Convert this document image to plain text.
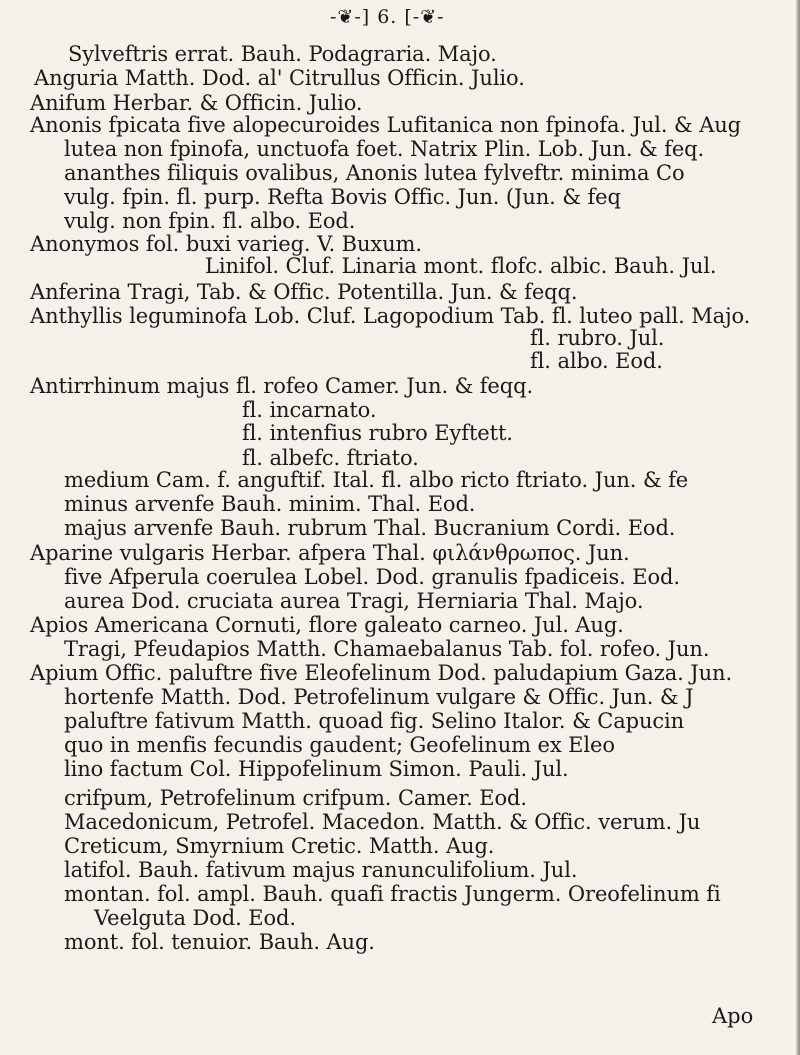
-❦-] 6. [-❦-
Sylveftris errat. Bauh. Podagraria. Majo.
Anguria Matth. Dod. al' Citrullus Officin. Julio.
Anifum Herbar. & Officin. Julio.
Anonis fpicata five alopecuroides Lufitanica non fpinofa. Jul. & Aug
lutea non fpinofa, unctuofa foet. Natrix Plin. Lob. Jun. & feq.
ananthes filiquis ovalibus, Anonis lutea fylveftr. minima Co
vulg. fpin. fl. purp. Refta Bovis Offic. Jun. (Jun. & feq
vulg. non fpin. fl. albo. Eod.
Anonymos fol. buxi varieg. V. Buxum.
Linifol. Cluf. Linaria mont. flofc. albic. Bauh. Jul.
Anferina Tragi, Tab. & Offic. Potentilla. Jun. & feqq.
Anthyllis leguminofa Lob. Cluf. Lagopodium Tab. fl. luteo pall. Majo.
fl. rubro. Jul.
fl. albo. Eod.
Antirrhinum majus fl. rofeo Camer. Jun. & feqq.
fl. incarnato.
fl. intenfius rubro Eyftett.
fl. albefc. ftriato.
medium Cam. f. anguftif. Ital. fl. albo ricto ftriato. Jun. & fe
minus arvenfe Bauh. minim. Thal. Eod.
majus arvenfe Bauh. rubrum Thal. Bucranium Cordi. Eod.
Aparine vulgaris Herbar. afpera Thal. φιλάνθρωπος. Jun.
five Afperula coerulea Lobel. Dod. granulis fpadiceis. Eod.
aurea Dod. cruciata aurea Tragi, Herniaria Thal. Majo.
Apios Americana Cornuti, flore galeato carneo. Jul. Aug.
Tragi, Pfeudapios Matth. Chamaebalanus Tab. fol. rofeo. Jun.
Apium Offic. paluftre five Eleofelinum Dod. paludapium Gaza. Jun.
hortenfe Matth. Dod. Petrofelinum vulgare & Offic. Jun. & J
paluftre fativum Matth. quoad fig. Selino Italor. & Capucin
quo in menfis fecundis gaudent; Geofelinum ex Eleo
lino factum Col. Hippofelinum Simon. Pauli. Jul.
crifpum, Petrofelinum crifpum. Camer. Eod.
Macedonicum, Petrofel. Macedon. Matth. & Offic. verum. Ju
Creticum, Smyrnium Cretic. Matth. Aug.
latifol. Bauh. fativum majus ranunculifolium. Jul.
montan. fol. ampl. Bauh. quafi fractis Jungerm. Oreofelinum fi
Veelguta Dod. Eod.
mont. fol. tenuior. Bauh. Aug.
Apo
